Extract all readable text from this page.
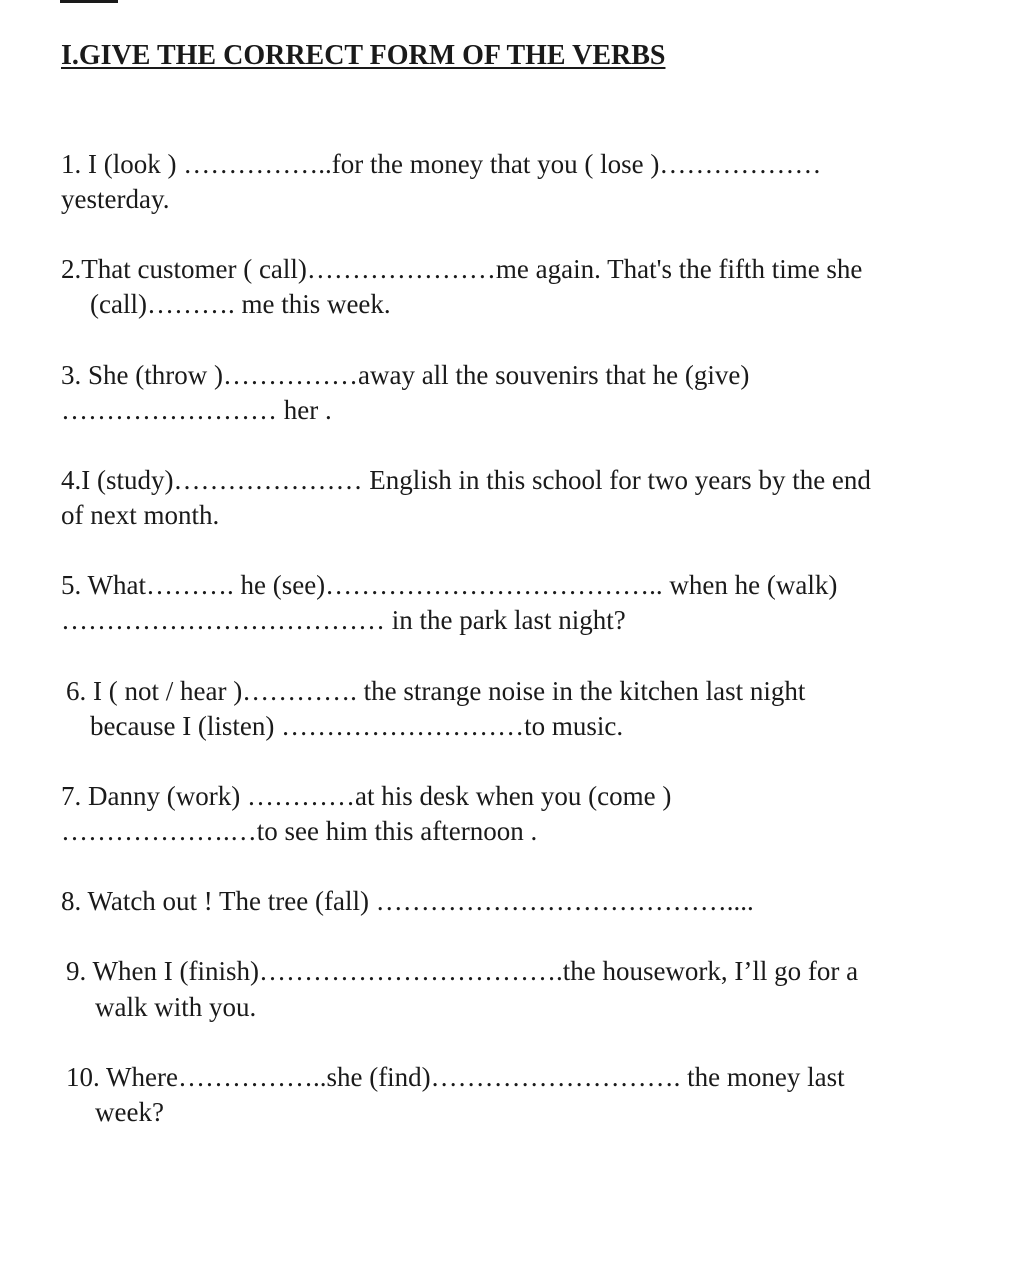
I.GIVE THE CORRECT FORM OF THE VERBS
1. I (look ) ……………..for the money that you ( lose )………………
yesterday.
2.That customer ( call)…………………me again. That's the fifth time she
(call)………. me this week.
3. She (throw )……………away all the souvenirs that he (give)
…………………… her .
4.I (study)………………… English in this school for two years by the end
of next month.
5. What………. he (see)……………………………….. when he (walk)
……………………………… in the park last night?
6. I ( not / hear )…………. the strange noise in the kitchen last night
because I (listen) ………………………to music.
7. Danny (work) …………at his desk when you (come )
……………….…to see him this afternoon .
8. Watch out ! The tree (fall) …………………………………....
9. When I (finish)…………………………….the housework, I’ll go for a
walk with you.
10. Where……………..she (find)………………………. the money last
week?
